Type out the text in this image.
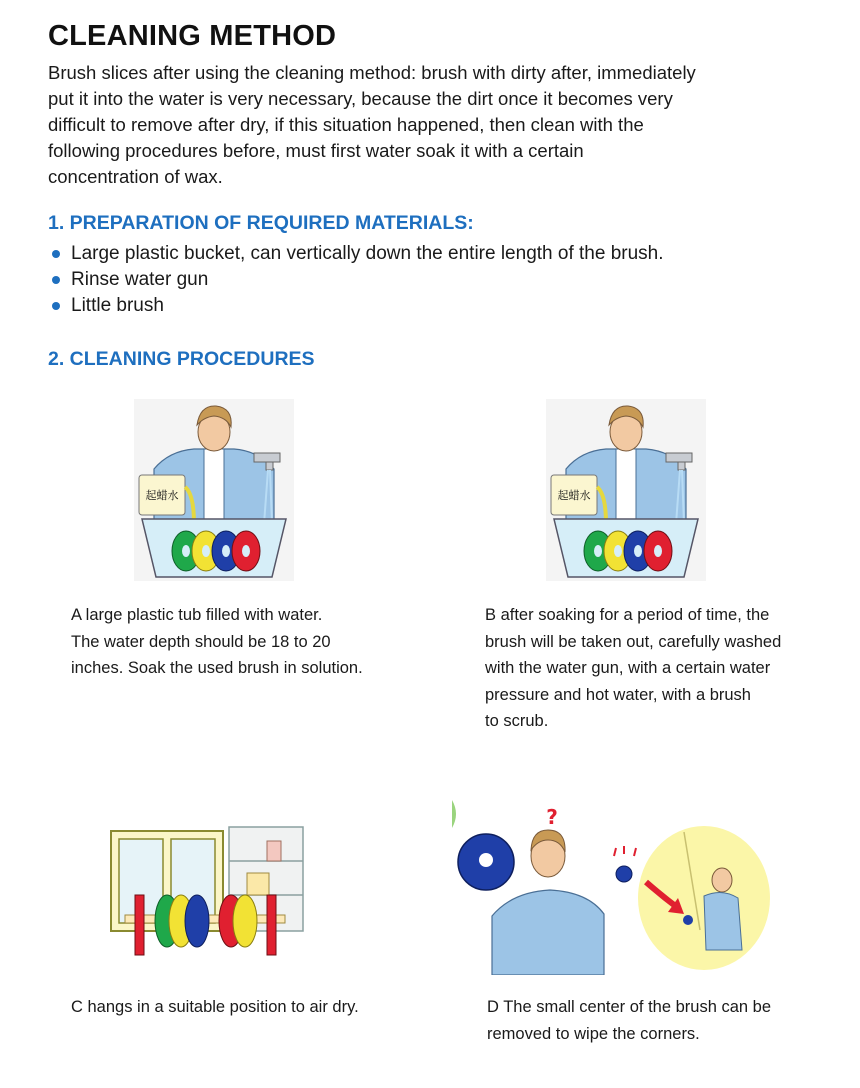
CLEANING METHOD

Brush slices after using the cleaning method: brush with dirty after, immediately
put it into the water is very necessary, because the dirt once it becomes very
difficult to remove after dry, if this situation happened, then clean with the
following procedures before, must first water soak it with a certain
concentration of wax.

1. PREPARATION OF REQUIRED MATERIALS:
Large plastic bucket, can vertically down the entire length of the brush.
Rinse water gun
Little brush
2. CLEANING PROCEDURES
起蜡水	起蜡水

A large plastic tub filled with water.
The water depth should be 18 to 20
inches. Soak the used brush in solution.

B after soaking for a period of time, the
brush will be taken out, carefully washed
with the water gun, with a certain water
pressure and hot water, with a brush
to scrub.

?

C hangs in a suitable position to air dry.	D The small center of the brush can be
removed to wipe the corners.
